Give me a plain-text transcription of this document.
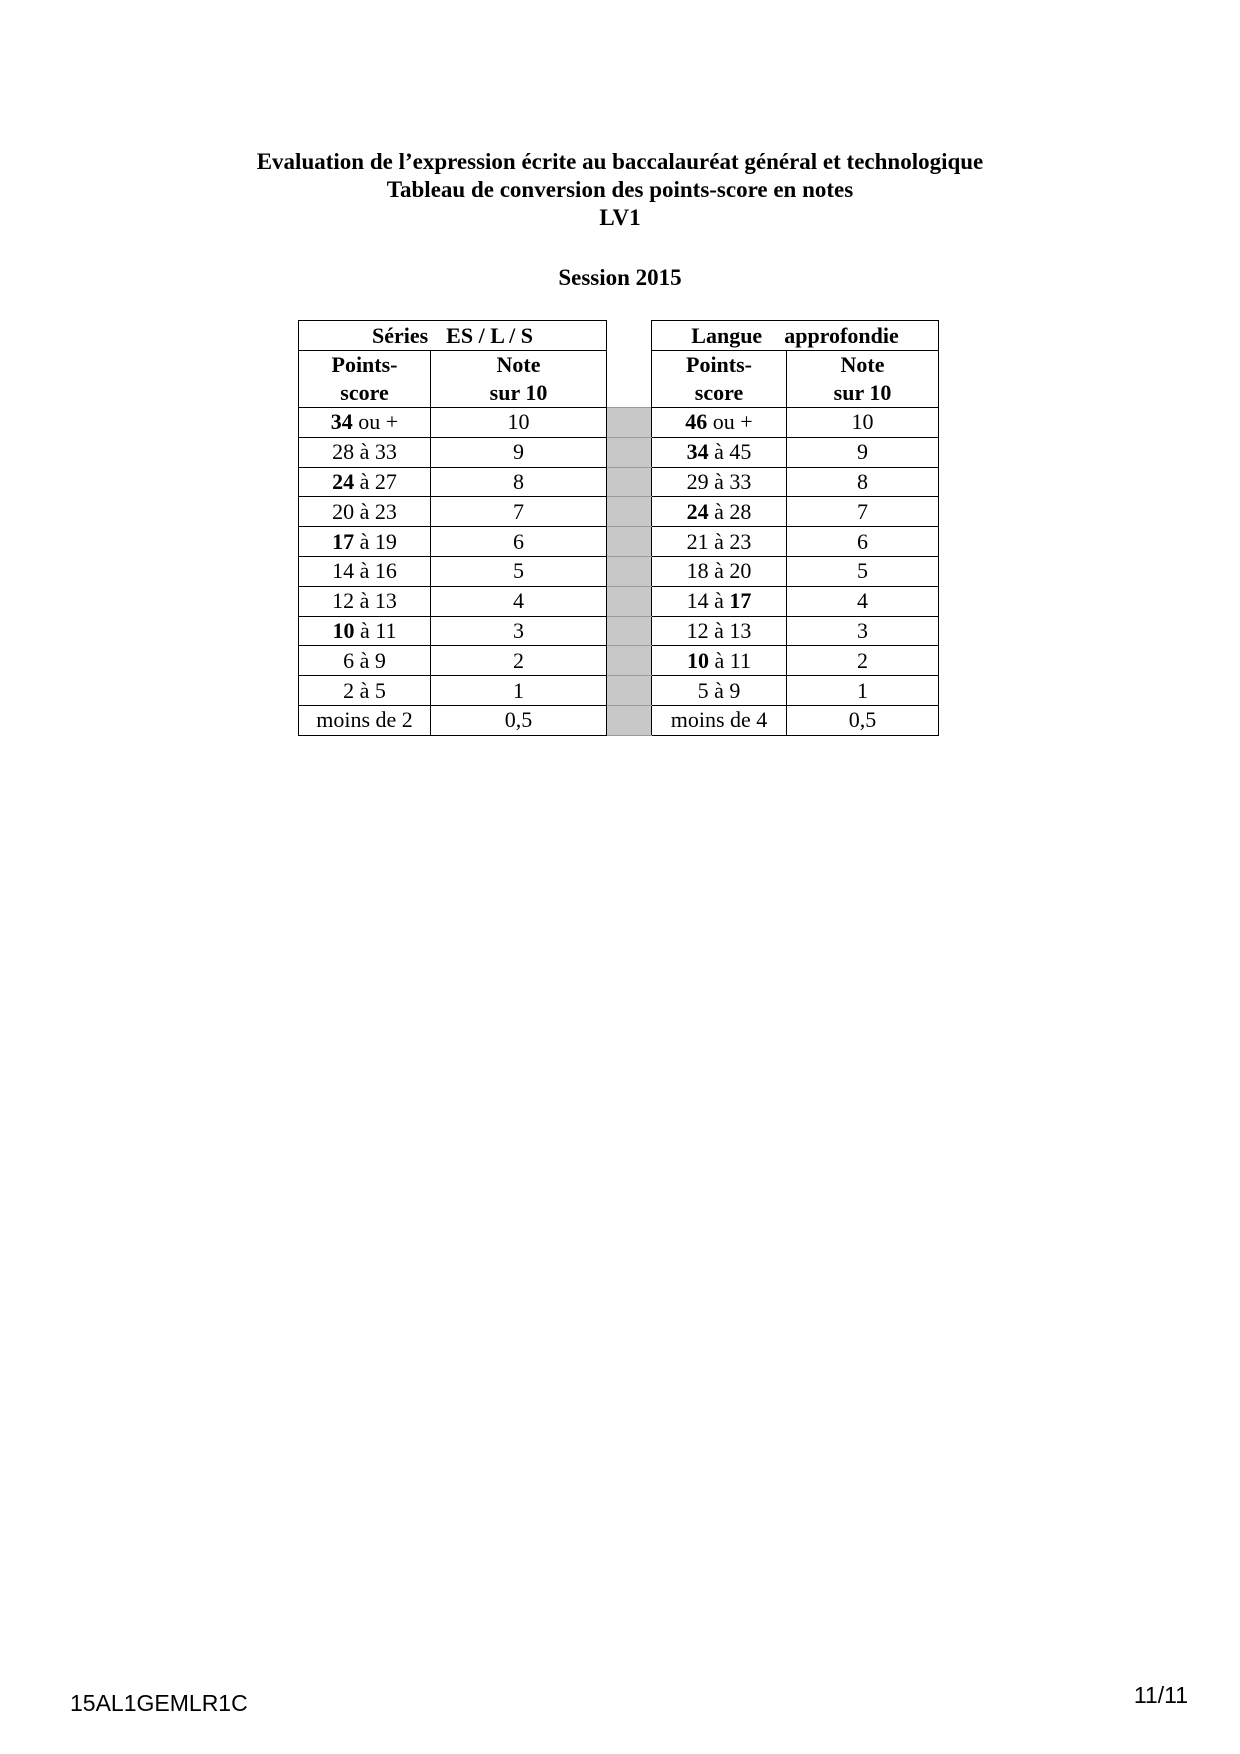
Evaluation de l’expression écrite au baccalauréat général et technologique
Tableau de conversion des points-score en notes
LV1
Session 2015
Séries ES / L / S			Langue approfondie	
Points-
score	Note
sur 10		Points-
score	Note
sur 10
34 ou +	10		46 ou +	10
28 à 33	9		34 à 45	9
24 à 27	8		29 à 33	8
20 à 23	7		24 à 28	7
17 à 19	6		21 à 23	6
14 à 16	5		18 à 20	5
12 à 13	4		14 à 17	4
10 à 11	3		12 à 13	3
6 à 9	2		10 à 11	2
2 à 5	1		5 à 9	1
moins de 2	0,5		moins de 4	0,5
15AL1GEMLR1C	11/11
